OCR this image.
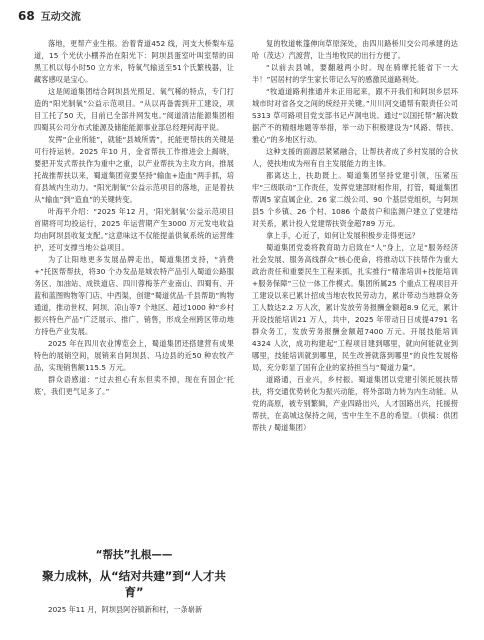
68 互动交流

落地，更帮产业生根。治着背道452 线，河支大桥梨车巡道，15 个光伏小棚养治在阳光下：阿坝县蛋室叶叫室帮的田黑工机以每小时50 立方米，特氧气输送至51个氏繁栈器，让藏客感叹是宝心。

这是阅道集团结合阿坝县光照足、氧气稀的特点，专门打造的“阳光制氧”公益示范项目。“从以再备需到开工建设，项目工托了50 天，目前已全部并网发电。”阅道清洁能源集团相四蜀其公司分布式能源及储能能源事业部总经理何海平说。

发挥“企业所能”，就能“县城所需”，托能更帮扶的关键是可行持运转。2025 年10 月，金省帮扶工作推进会上揭晓，要把开发式帮扶作为重中之重，以产业帮扶为主攻方向，推展托战推帮扶以来，蜀道集团竞要坚持“输血+造血”两手抓，培育县域内生动力。“阳光制氧”公益示范项目的落地，正是着扶从“输血”到“造血”的关键转变。

叶海平介绍：“2025 年12 月，‘阳光制氧’公益示范项目首期将可均投运行，2025 年运营期产生3000 万元发电收益均由阿坝县收复支配。”这意味这不仅能提盖供氧系统的运营维护，还可支撑当地公益项目。

为了让阳地更多发展品牌走出，蜀道集团支持，“消费+”托医帮帮扶，将30 个办发品是城农特产品引入蜀道公路服务区、加油站、成铁道店、四川蓉梅茶产业南山、四蜀有、开蓝和蓝图购物等门店、中西渠，创建“蜀道优品·千县帮助”购物通道，推动世权、阿坝、凉山等7 个地区、超过1000 种“乡村振兴特色产品”广泛展示、推广、销售，形成全州跨区带动地方持色产业发展。

2025 年在四川农业博览会上，蜀道集团还搭建营有成果特色的展销空间，展销来自阿坝县、马边县的近50 种农牧产品，实现销售额115.5 万元。

群众语感道：“过去担心有东但卖不掉，现在有国企‘托底’，我们更气足多了。”

“帮扶”扎根——
聚力成林，从“结对共建”到“人才共育”
2025 年11 月，阿坝县阿谷镇新和村，一条崭新

复的牧道帐篷伸向草原深处，由四川路桥川交公司承建的达哈（茂达）汽渡营，让当地牧民的出行方便了。

“以前去县城，要翻越两小时。现在骑摩托能省下一大半！”居居村的学生家长带记么写的感激民道路利处。

“牧道道路利推通并未正用起来，跟不开我们和阿坝乡层环城市时对省各交之间的统经开关键。”川川河交通帮有限责任公司S313 草可路项目党支部书记卢洞电说。通过“以国托帮”解决数据产不的精细地题等举措，举一动下积极建设为“风路、帮扶、雅心”的多地区行动。

这种支援的面源层紧紧融合，让帮扶者成了乡村发展的合伙人，使扶地成为州有自主发展能力的主体。

都离达上，扶助既上。蜀道集团坚持党建引领，压紧压牢“三级联动”工作责任，发挥党建部财相作用，打管，蜀道集团帮调5 家直属企业、26 家二级公司、90 个基层党组织，与阿坝县5 个乡镇、26 个村、1086 个最贫户和监测户建立了党建结对关系，累计投入党建帮扶资金超789 万元。

拿上手，心近了，如何让发展积极步走得更远？

蜀道集团党委将教育助力启致在“人”身上，立足“服务经济社会发展、服务高线群众”核心使命，将推动以下扶帮作为重大政治责任和重要民生工程来抓，扎实推行“精准培训+技能培训+服务保障”三位一体工作模式。集团所属25 个重点工程项目开工建设以来已累计招成当地农牧民劳动力，累计带动当地群众务工人数达2.2 万人次，累计发放劳务报酬金额超8.9 亿元，累计开设技能培训21 万人，共中，2025 年带动日日成提4791 名群众务工，发放劳务报酬金额超7400 万元。开展技能培训4324 人次，成功构建起“工程项目建到哪里，就向何能就业到哪里，技能培训就到哪里，民生改善就落到哪里”的良性发展格局，充分彰显了国有企业的家持担当与“蜀道力量”。

道路通，百业兴，乡村振。蜀道集团以党建引领托展扶帮扶，将交通优势转化为振兴动能，将外部助力转为内生动能。从党的高原，被专别繁辑，产业四路出兴，人才国路出兴，托援捞帮扶，在高城这保持之间，雪中生生不息的希望。（供稿：供团帮扶 / 蜀道集团）
